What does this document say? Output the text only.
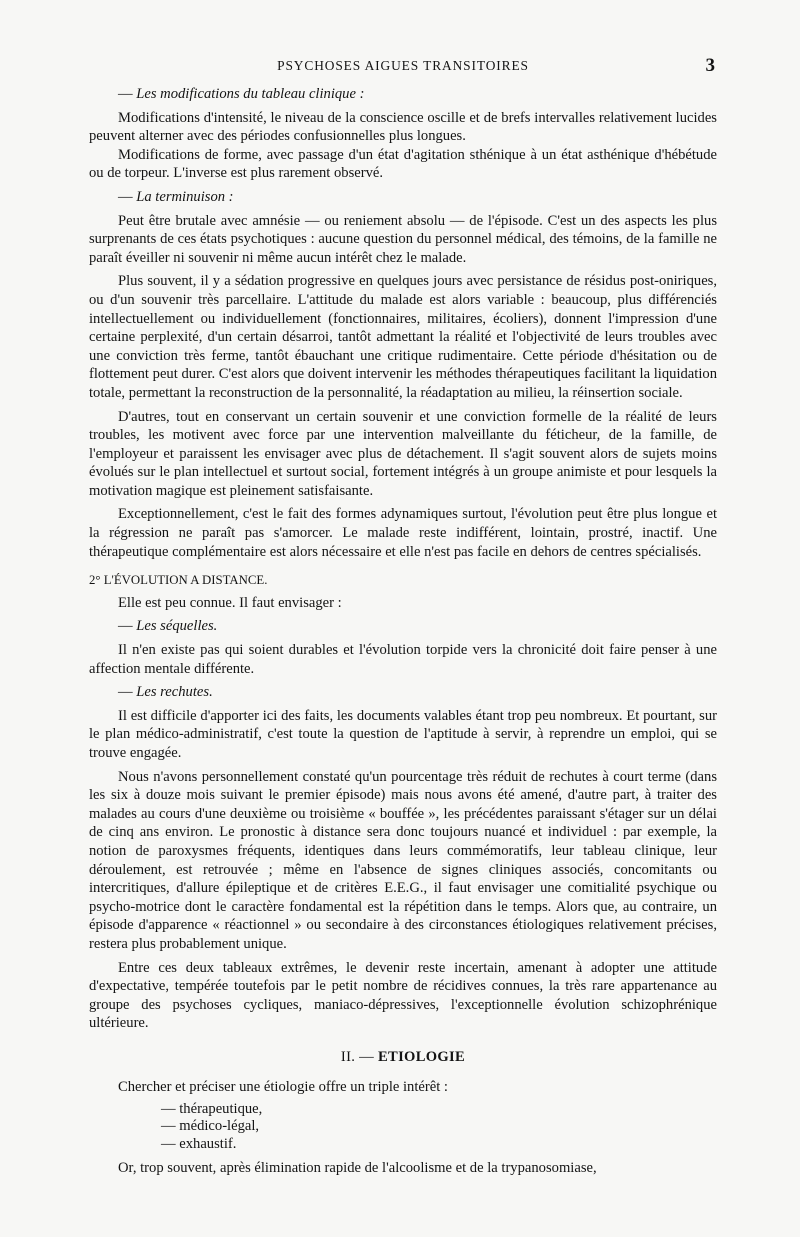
PSYCHOSES AIGUES TRANSITOIRES	3

— Les modifications du tableau clinique :

Modifications d'intensité, le niveau de la conscience oscille et de brefs intervalles relativement lucides peuvent alterner avec des périodes confusionnelles plus longues.

Modifications de forme, avec passage d'un état d'agitation sthénique à un état asthénique d'hébétude ou de torpeur. L'inverse est plus rarement observé.

— La terminuison :

Peut être brutale avec amnésie — ou reniement absolu — de l'épisode. C'est un des aspects les plus surprenants de ces états psychotiques : aucune question du personnel médical, des témoins, de la famille ne paraît éveiller ni souvenir ni même aucun intérêt chez le malade.

Plus souvent, il y a sédation progressive en quelques jours avec persistance de résidus post-oniriques, ou d'un souvenir très parcellaire. L'attitude du malade est alors variable : beaucoup, plus différenciés intellectuellement ou individuellement (fonctionnaires, militaires, écoliers), donnent l'impression d'une certaine perplexité, d'un certain désarroi, tantôt admettant la réalité et l'objectivité de leurs troubles avec une conviction très ferme, tantôt ébauchant une critique rudimentaire. Cette période d'hésitation ou de flottement peut durer. C'est alors que doivent intervenir les méthodes thérapeutiques facilitant la liquidation totale, permettant la reconstruction de la personnalité, la réadaptation au milieu, la réinsertion sociale.

D'autres, tout en conservant un certain souvenir et une conviction formelle de la réalité de leurs troubles, les motivent avec force par une intervention malveillante du féticheur, de la famille, de l'employeur et paraissent les envisager avec plus de détachement. Il s'agit souvent alors de sujets moins évolués sur le plan intellectuel et surtout social, fortement intégrés à un groupe animiste et pour lesquels la motivation magique est pleinement satisfaisante.

Exceptionnellement, c'est le fait des formes adynamiques surtout, l'évolution peut être plus longue et la régression ne paraît pas s'amorcer. Le malade reste indifférent, lointain, prostré, inactif. Une thérapeutique complémentaire est alors nécessaire et elle n'est pas facile en dehors de centres spécialisés.

2° L'ÉVOLUTION A DISTANCE.

Elle est peu connue. Il faut envisager :

— Les séquelles.

Il n'en existe pas qui soient durables et l'évolution torpide vers la chronicité doit faire penser à une affection mentale différente.

— Les rechutes.

Il est difficile d'apporter ici des faits, les documents valables étant trop peu nombreux. Et pourtant, sur le plan médico-administratif, c'est toute la question de l'aptitude à servir, à reprendre un emploi, qui se trouve engagée.

Nous n'avons personnellement constaté qu'un pourcentage très réduit de rechutes à court terme (dans les six à douze mois suivant le premier épisode) mais nous avons été amené, d'autre part, à traiter des malades au cours d'une deuxième ou troisième « bouffée », les précédentes paraissant s'étager sur un délai de cinq ans environ. Le pronostic à distance sera donc toujours nuancé et individuel : par exemple, la notion de paroxysmes fréquents, identiques dans leurs commémoratifs, leur tableau clinique, leur déroulement, est retrouvée ; même en l'absence de signes cliniques associés, concomitants ou intercritiques, d'allure épileptique et de critères E.E.G., il faut envisager une comitialité psychique ou psycho-motrice dont le caractère fondamental est la répétition dans le temps. Alors que, au contraire, un épisode d'apparence « réactionnel » ou secondaire à des circonstances étiologiques relativement précises, restera plus probablement unique.

Entre ces deux tableaux extrêmes, le devenir reste incertain, amenant à adopter une attitude d'expectative, tempérée toutefois par le petit nombre de récidives connues, la très rare appartenance au groupe des psychoses cycliques, maniaco-dépressives, l'exceptionnelle évolution schizophrénique ultérieure.

II. — ETIOLOGIE

Chercher et préciser une étiologie offre un triple intérêt :

— thérapeutique,
— médico-légal,
— exhaustif.

Or, trop souvent, après élimination rapide de l'alcoolisme et de la trypanosomiase,
